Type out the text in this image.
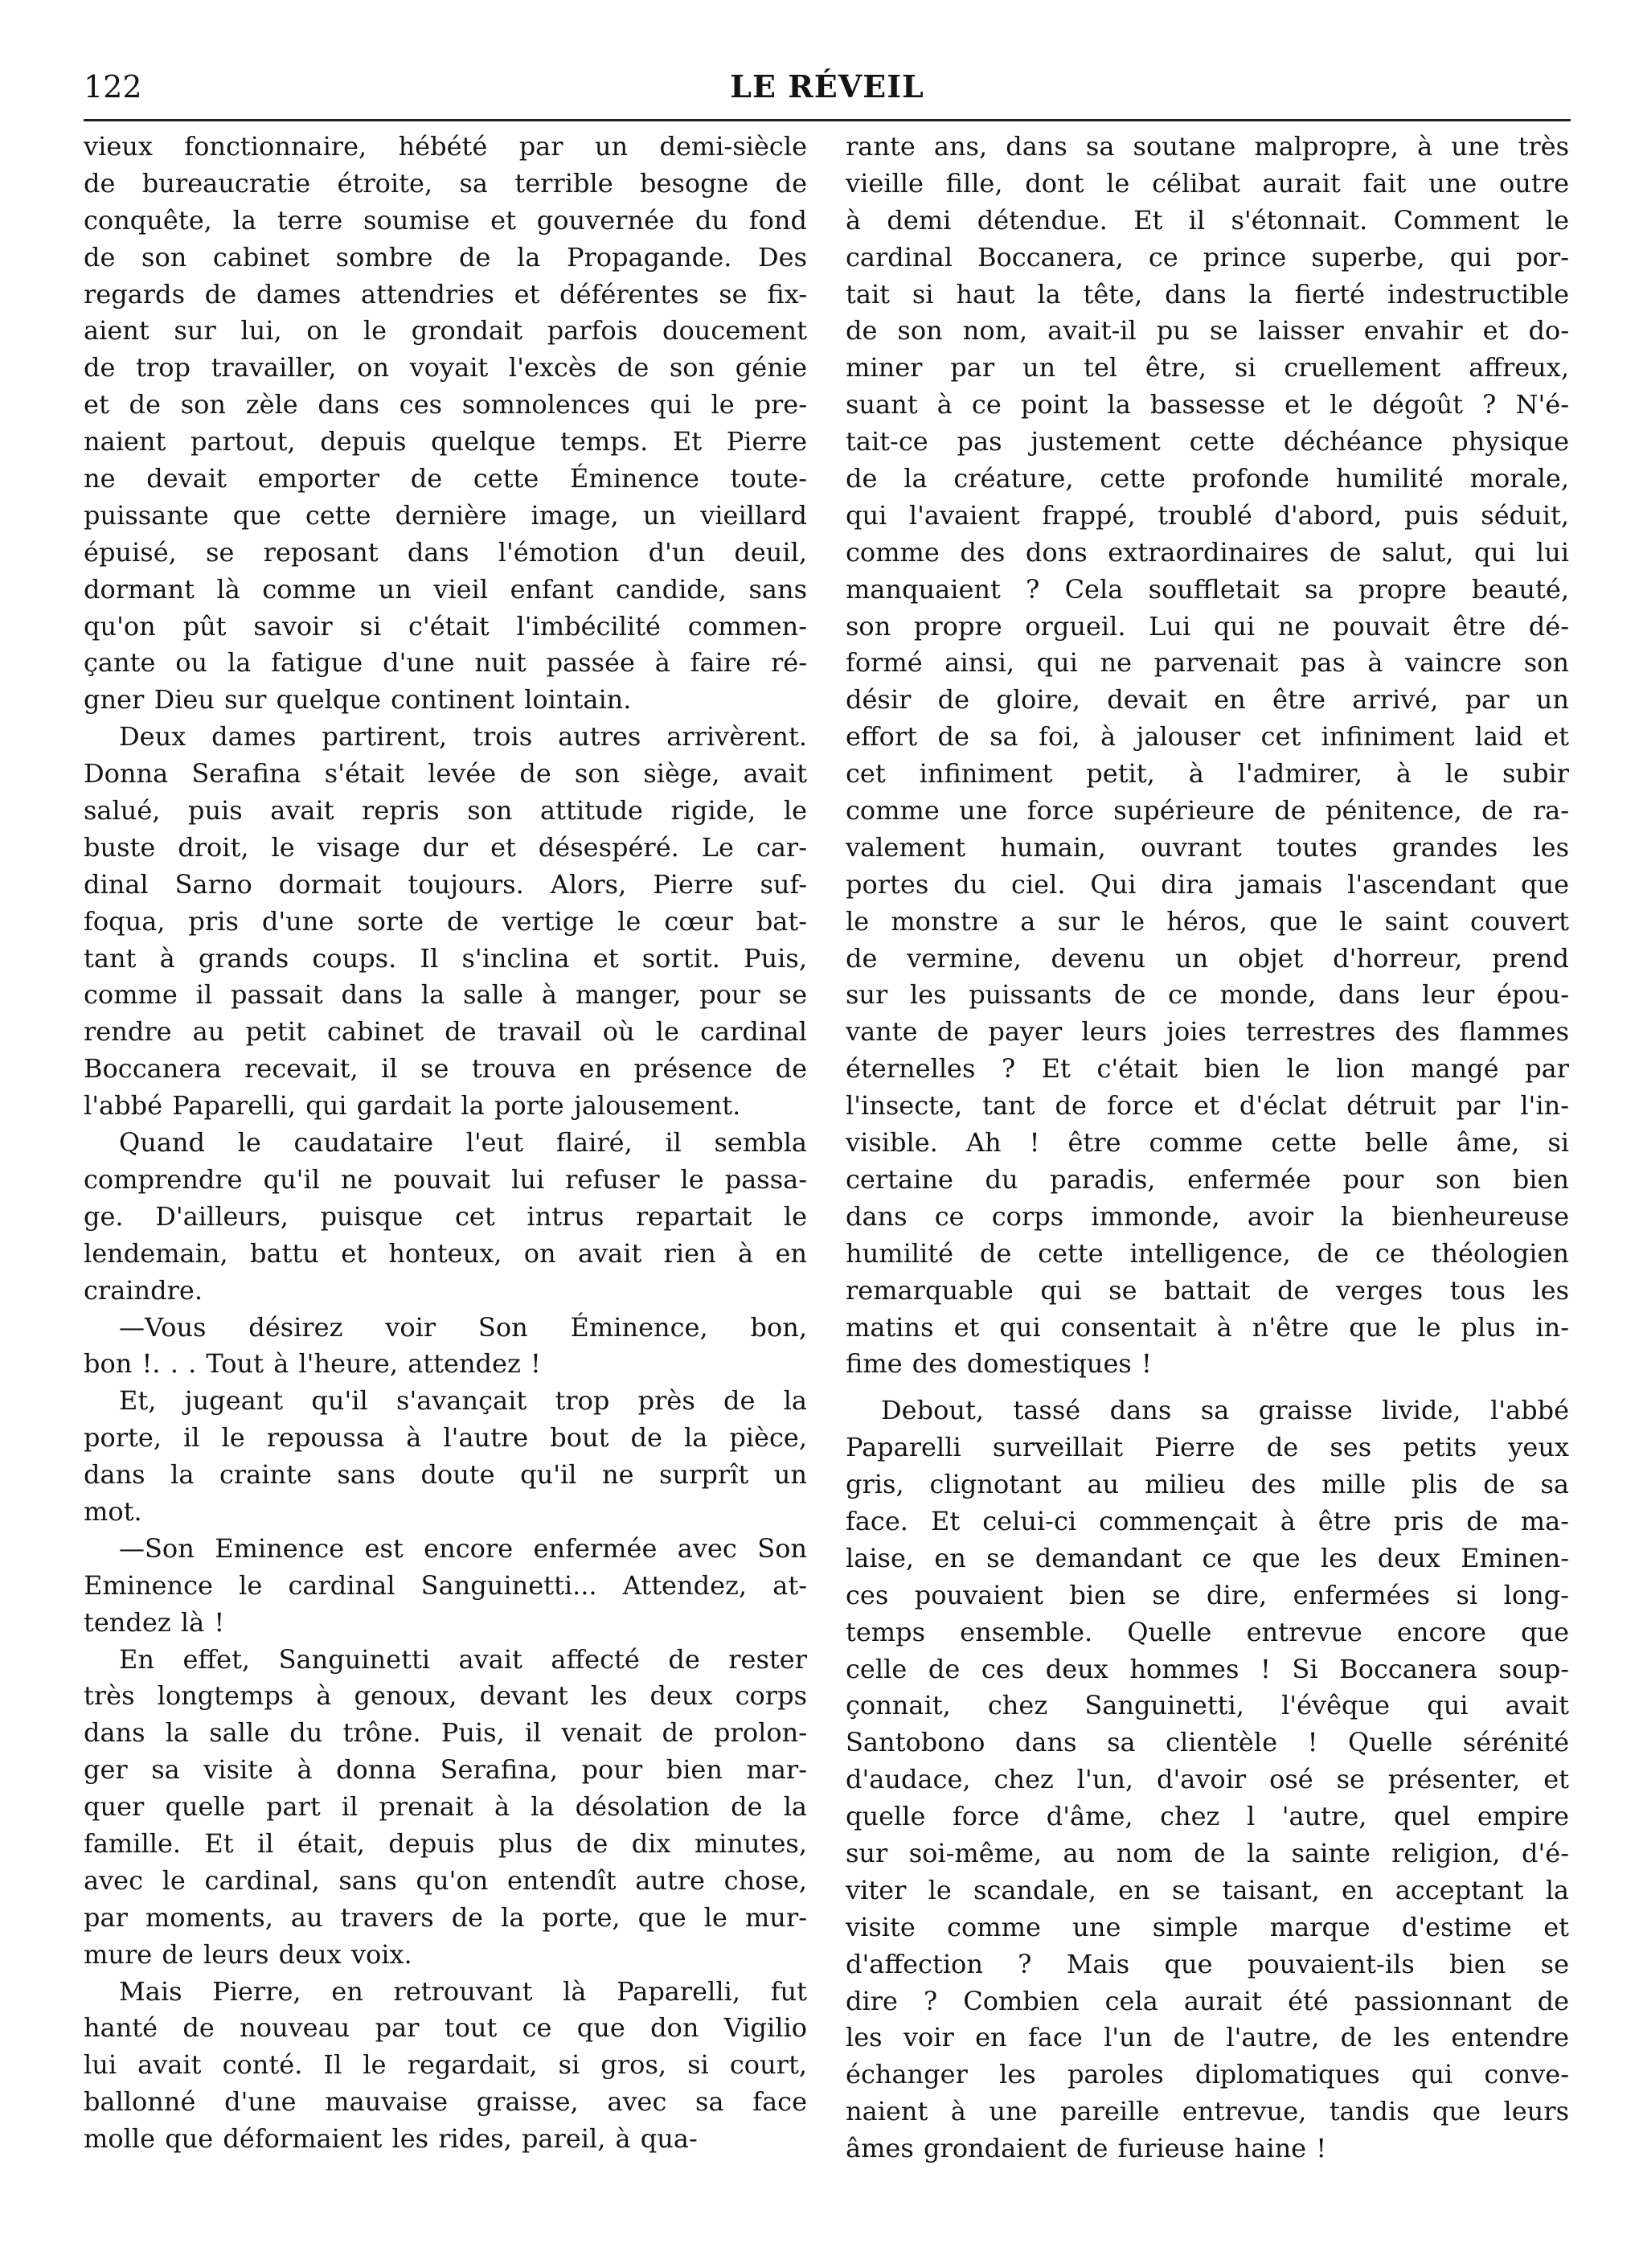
122	LE RÉVEIL
vieux fonctionnaire, hébété par un demi-siècle
de bureaucratie étroite, sa terrible besogne de
conquête, la terre soumise et gouvernée du fond
de son cabinet sombre de la Propagande. Des
regards de dames attendries et déférentes se fix-
aient sur lui, on le grondait parfois doucement
de trop travailler, on voyait l'excès de son génie
et de son zèle dans ces somnolences qui le pre-
naient partout, depuis quelque temps. Et Pierre
ne devait emporter de cette Éminence toute-
puissante que cette dernière image, un vieillard
épuisé, se reposant dans l'émotion d'un deuil,
dormant là comme un vieil enfant candide, sans
qu'on pût savoir si c'était l'imbécilité commen-
çante ou la fatigue d'une nuit passée à faire ré-
gner Dieu sur quelque continent lointain.
Deux dames partirent, trois autres arrivèrent.
Donna Serafina s'était levée de son siège, avait
salué, puis avait repris son attitude rigide, le
buste droit, le visage dur et désespéré. Le car-
dinal Sarno dormait toujours. Alors, Pierre suf-
foqua, pris d'une sorte de vertige le cœur bat-
tant à grands coups. Il s'inclina et sortit. Puis,
comme il passait dans la salle à manger, pour se
rendre au petit cabinet de travail où le cardinal
Boccanera recevait, il se trouva en présence de
l'abbé Paparelli, qui gardait la porte jalousement.
Quand le caudataire l'eut flairé, il sembla
comprendre qu'il ne pouvait lui refuser le passa-
ge. D'ailleurs, puisque cet intrus repartait le
lendemain, battu et honteux, on avait rien à en
craindre.
—Vous désirez voir Son Éminence, bon,
bon !. . . Tout à l'heure, attendez !
Et, jugeant qu'il s'avançait trop près de la
porte, il le repoussa à l'autre bout de la pièce,
dans la crainte sans doute qu'il ne surprît un
mot.
—Son Eminence est encore enfermée avec Son
Eminence le cardinal Sanguinetti... Attendez, at-
tendez là !
En effet, Sanguinetti avait affecté de rester
très longtemps à genoux, devant les deux corps
dans la salle du trône. Puis, il venait de prolon-
ger sa visite à donna Serafina, pour bien mar-
quer quelle part il prenait à la désolation de la
famille. Et il était, depuis plus de dix minutes,
avec le cardinal, sans qu'on entendît autre chose,
par moments, au travers de la porte, que le mur-
mure de leurs deux voix.
Mais Pierre, en retrouvant là Paparelli, fut
hanté de nouveau par tout ce que don Vigilio
lui avait conté. Il le regardait, si gros, si court,
ballonné d'une mauvaise graisse, avec sa face
molle que déformaient les rides, pareil, à qua-
rante ans, dans sa soutane malpropre, à une très
vieille fille, dont le célibat aurait fait une outre
à demi détendue. Et il s'étonnait. Comment le
cardinal Boccanera, ce prince superbe, qui por-
tait si haut la tête, dans la fierté indestructible
de son nom, avait-il pu se laisser envahir et do-
miner par un tel être, si cruellement affreux,
suant à ce point la bassesse et le dégoût ? N'é-
tait-ce pas justement cette déchéance physique
de la créature, cette profonde humilité morale,
qui l'avaient frappé, troublé d'abord, puis séduit,
comme des dons extraordinaires de salut, qui lui
manquaient ? Cela souffletait sa propre beauté,
son propre orgueil. Lui qui ne pouvait être dé-
formé ainsi, qui ne parvenait pas à vaincre son
désir de gloire, devait en être arrivé, par un
effort de sa foi, à jalouser cet infiniment laid et
cet infiniment petit, à l'admirer, à le subir
comme une force supérieure de pénitence, de ra-
valement humain, ouvrant toutes grandes les
portes du ciel. Qui dira jamais l'ascendant que
le monstre a sur le héros, que le saint couvert
de vermine, devenu un objet d'horreur, prend
sur les puissants de ce monde, dans leur épou-
vante de payer leurs joies terrestres des flammes
éternelles ? Et c'était bien le lion mangé par
l'insecte, tant de force et d'éclat détruit par l'in-
visible. Ah ! être comme cette belle âme, si
certaine du paradis, enfermée pour son bien
dans ce corps immonde, avoir la bienheureuse
humilité de cette intelligence, de ce théologien
remarquable qui se battait de verges tous les
matins et qui consentait à n'être que le plus in-
fime des domestiques !
Debout, tassé dans sa graisse livide, l'abbé
Paparelli surveillait Pierre de ses petits yeux
gris, clignotant au milieu des mille plis de sa
face. Et celui-ci commençait à être pris de ma-
laise, en se demandant ce que les deux Eminen-
ces pouvaient bien se dire, enfermées si long-
temps ensemble. Quelle entrevue encore que
celle de ces deux hommes ! Si Boccanera soup-
çonnait, chez Sanguinetti, l'évêque qui avait
Santobono dans sa clientèle ! Quelle sérénité
d'audace, chez l'un, d'avoir osé se présenter, et
quelle force d'âme, chez l 'autre, quel empire
sur soi-même, au nom de la sainte religion, d'é-
viter le scandale, en se taisant, en acceptant la
visite comme une simple marque d'estime et
d'affection ? Mais que pouvaient-ils bien se
dire ? Combien cela aurait été passionnant de
les voir en face l'un de l'autre, de les entendre
échanger les paroles diplomatiques qui conve-
naient à une pareille entrevue, tandis que leurs
âmes grondaient de furieuse haine !
